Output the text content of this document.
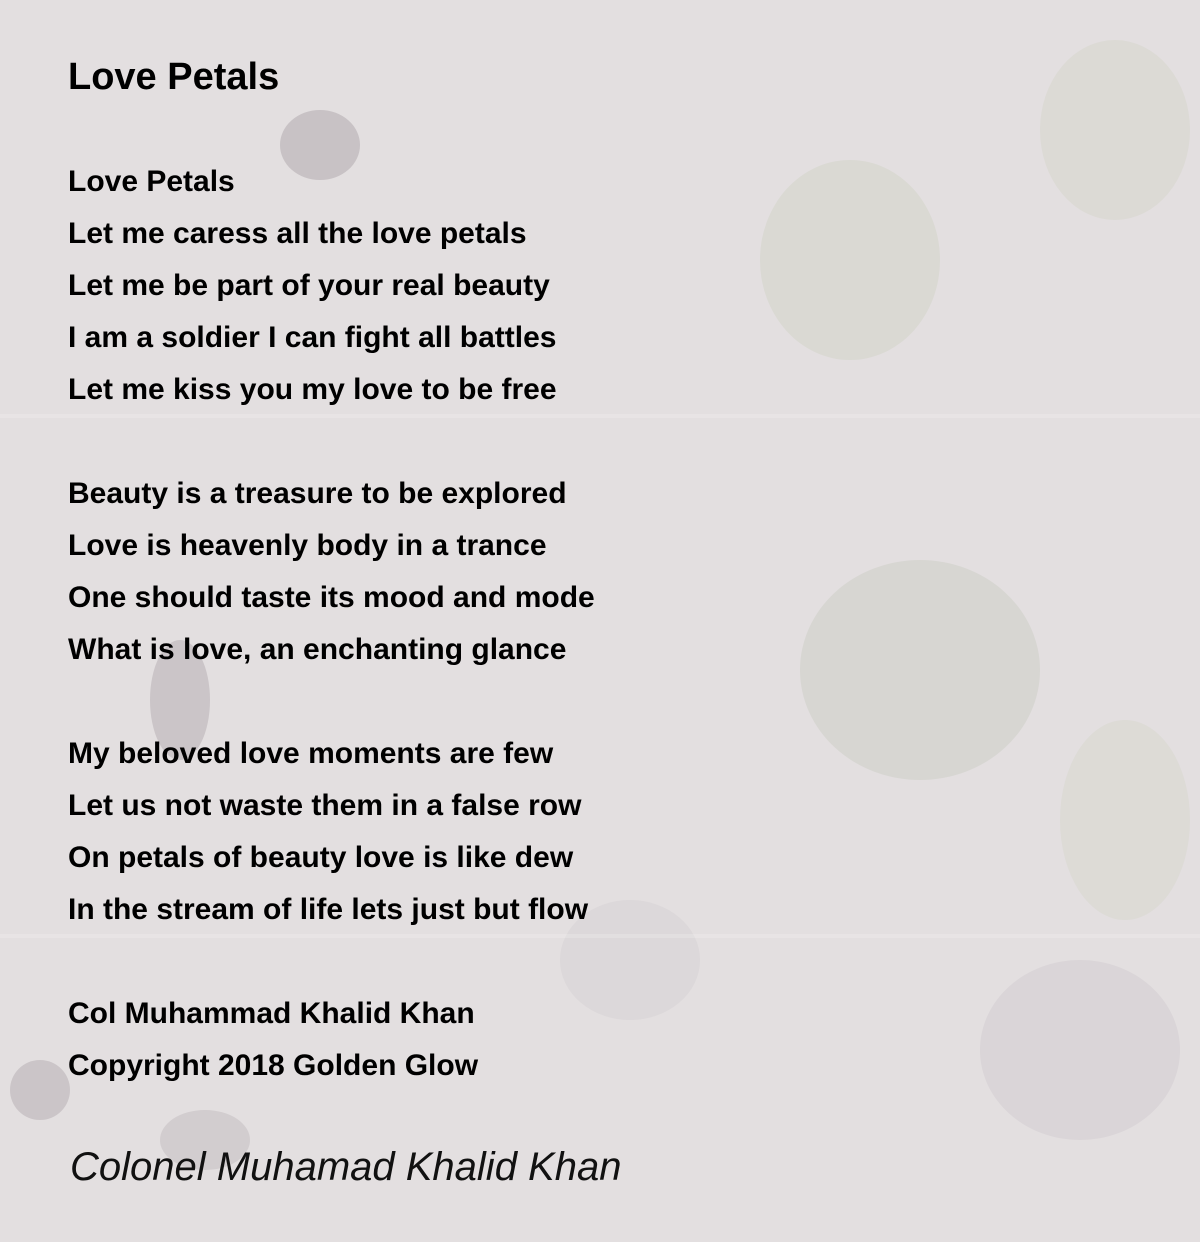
Love Petals
Love Petals
Let me caress all the love petals
Let me be part of your real beauty
I am a soldier I can fight all battles
Let me kiss you my love to be free
Beauty is a treasure to be explored
Love is heavenly body in a trance
One should taste its mood and mode
What is love, an enchanting glance
My beloved love moments are few
Let us not waste them in a false row
On petals of beauty love is like dew
In the stream of life lets just but flow
Col Muhammad Khalid Khan
Copyright 2018 Golden Glow

Colonel Muhamad Khalid Khan
